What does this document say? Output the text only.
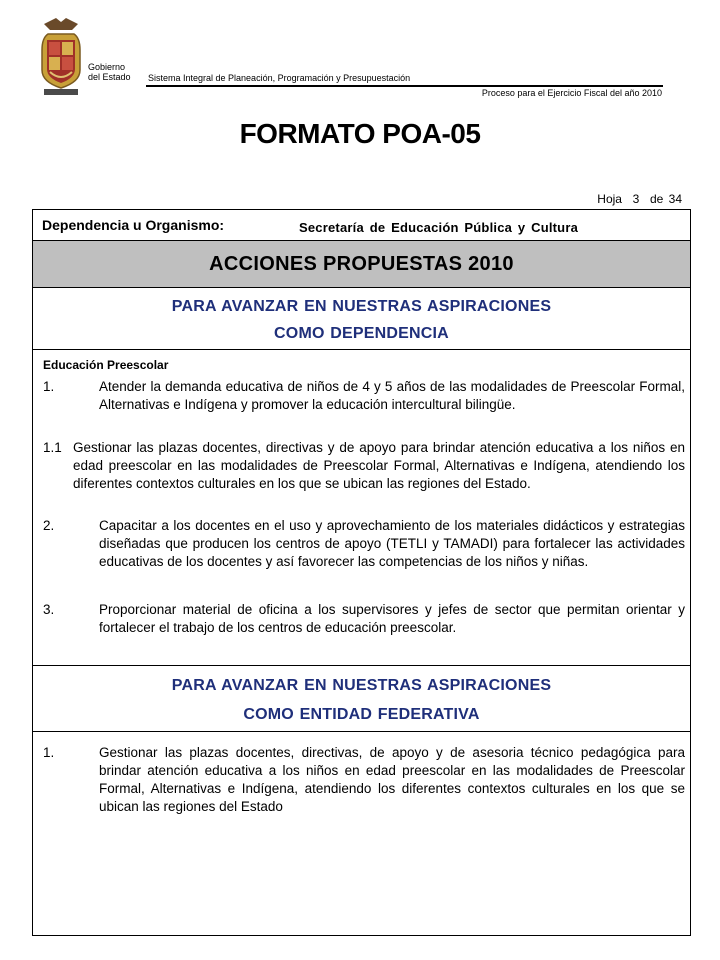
Gobierno
del Estado Sistema Integral de Planeación, Programación y Presupuestación
Proceso para el Ejercicio Fiscal del año 2010
FORMATO POA-05
Hoja  3  de 34
Dependencia u Organismo:	Secretaría de Educación Pública y Cultura
ACCIONES PROPUESTAS 2010
PARA AVANZAR EN NUESTRAS ASPIRACIONES
COMO DEPENDENCIA
Educación Preescolar
1.	Atender la demanda educativa de niños de 4 y 5 años de las modalidades de Preescolar Formal, Alternativas e Indígena y promover la educación intercultural bilingüe.
1.1 Gestionar las plazas docentes, directivas y de apoyo para brindar atención educativa a los niños en edad preescolar en las modalidades de Preescolar Formal, Alternativas e Indígena, atendiendo los diferentes contextos culturales en los que se ubican las regiones del Estado.
2.	Capacitar a los docentes en el uso y aprovechamiento de los materiales didácticos y estrategias diseñadas que producen los centros de apoyo (TETLI y TAMADI) para fortalecer las actividades educativas de los docentes y así favorecer las competencias de los niños y niñas.
3.	Proporcionar material de oficina a los supervisores y jefes de sector que permitan orientar y fortalecer el trabajo de los centros de educación preescolar.
PARA AVANZAR EN NUESTRAS ASPIRACIONES
COMO ENTIDAD FEDERATIVA
1.	Gestionar las plazas docentes, directivas, de apoyo y de asesoria técnico pedagógica para brindar atención educativa a los niños en edad preescolar en las modalidades de Preescolar Formal, Alternativas e Indígena, atendiendo los diferentes contextos culturales en los que se ubican las regiones del Estado
